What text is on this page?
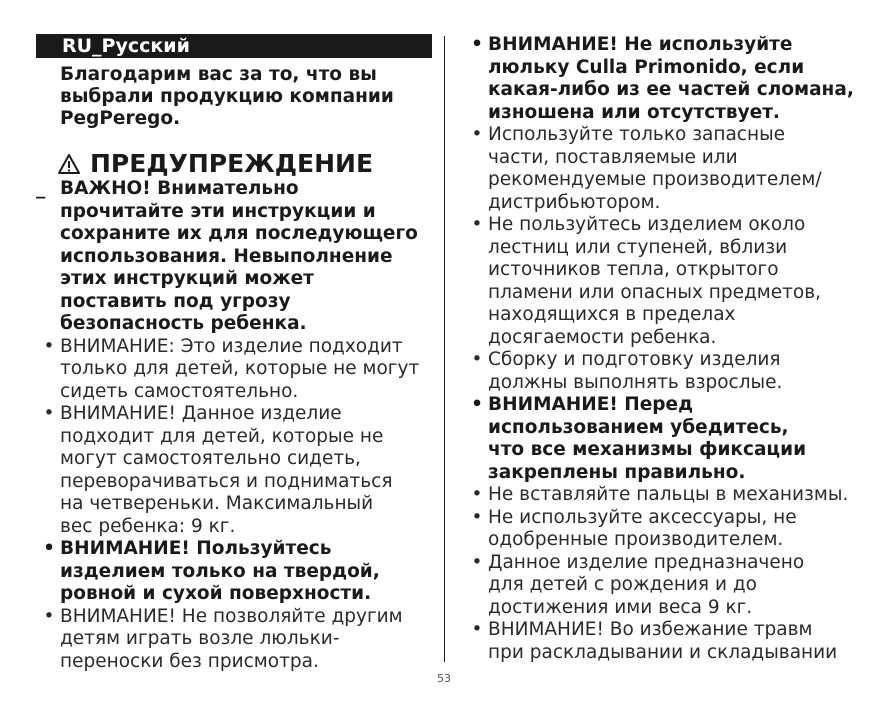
RU_Русский
Благодарим вас за то, что вы
выбрали продукцию компании
PegPerego.
ПРЕДУПРЕЖДЕНИЕ
_ ВАЖНО! Внимательно
прочитайте эти инструкции и
сохраните их для последующего
использования. Невыполнение
этих инструкций может
поставить под угрозу
безопасность ребенка.
• ВНИМАНИЕ: Это изделие подходит
только для детей, которые не могут
сидеть самостоятельно.
• ВНИМАНИЕ! Данное изделие
подходит для детей, которые не
могут самостоятельно сидеть,
переворачиваться и подниматься
на четвереньки. Максимальный
вес ребенка: 9 кг.
• ВНИМАНИЕ! Пользуйтесь
изделием только на твердой,
ровной и сухой поверхности.
• ВНИМАНИЕ! Не позволяйте другим
детям играть возле люльки-
переноски без присмотра.
• ВНИМАНИЕ! Не используйте
люльку Culla Primonido, если
какая-либо из ее частей сломана,
изношена или отсутствует.
• Используйте только запасные
части, поставляемые или
рекомендуемые производителем/
дистрибьютором.
• Не пользуйтесь изделием около
лестниц или ступеней, вблизи
источников тепла, открытого
пламени или опасных предметов,
находящихся в пределах
досягаемости ребенка.
• Сборку и подготовку изделия
должны выполнять взрослые.
• ВНИМАНИЕ! Перед
использованием убедитесь,
что все механизмы фиксации
закреплены правильно.
• Не вставляйте пальцы в механизмы.
• Не используйте аксессуары, не
одобренные производителем.
• Данное изделие предназначено
для детей с рождения и до
достижения ими веса 9 кг.
• ВНИМАНИЕ! Во избежание травм
при раскладывании и складывании
53
